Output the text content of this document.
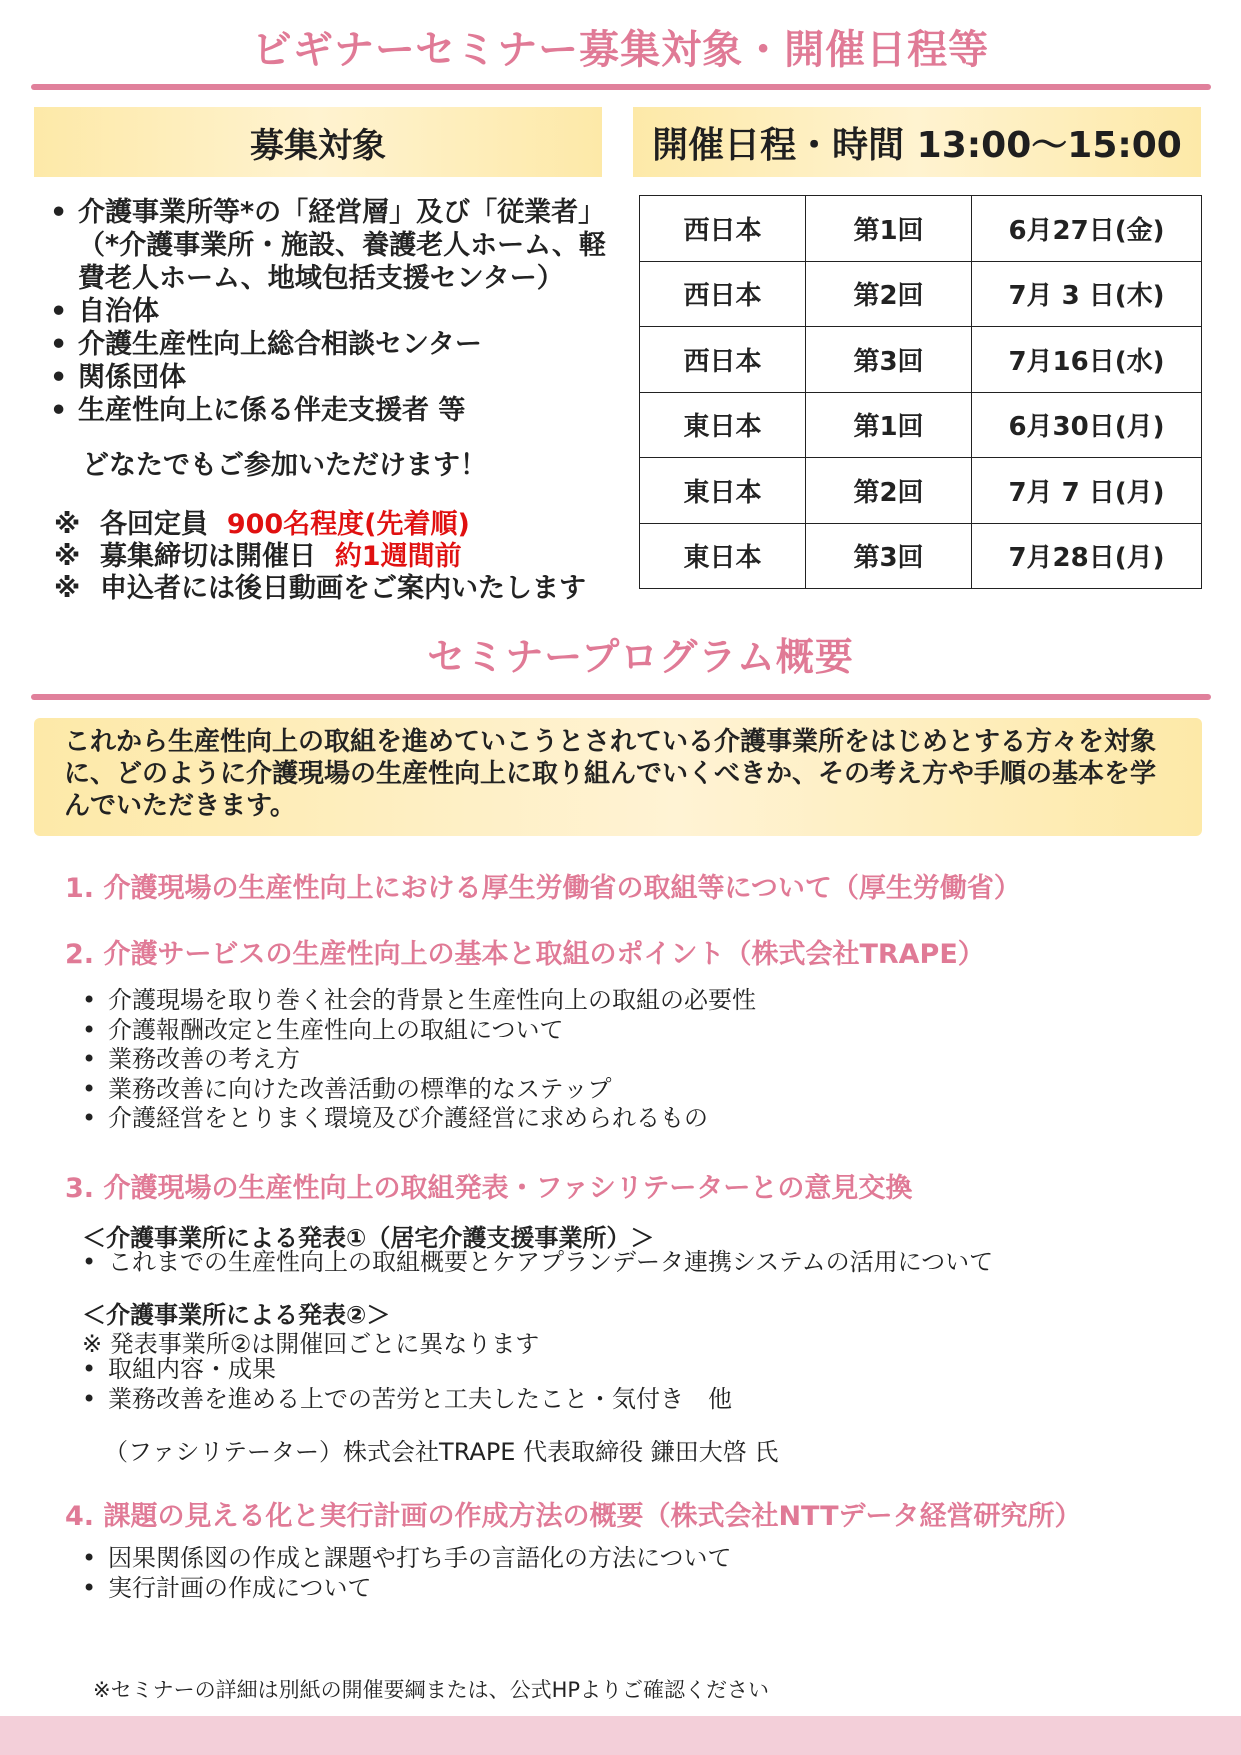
ビギナーセミナー募集対象・開催日程等
募集対象	開催日程・時間 13:00～15:00
• 介護事業所等*の「経営層」及び「従業者」（*介護事業所・施設、養護老人ホーム、軽費老人ホーム、地域包括支援センター）
• 自治体
• 介護生産性向上総合相談センター
• 関係団体
• 生産性向上に係る伴走支援者 等
どなたでもご参加いただけます！
※ 各回定員 900名程度(先着順)
※ 募集締切は開催日 約1週間前
※ 申込者には後日動画をご案内いたします
西日本	第1回	6月27日(金)
西日本	第2回	7月 3 日(木)
西日本	第3回	7月16日(水)
東日本	第1回	6月30日(月)
東日本	第2回	7月 7 日(月)
東日本	第3回	7月28日(月)
セミナープログラム概要
これから生産性向上の取組を進めていこうとされている介護事業所をはじめとする方々を対象に、どのように介護現場の生産性向上に取り組んでいくべきか、その考え方や手順の基本を学んでいただきます。
1. 介護現場の生産性向上における厚生労働省の取組等について（厚生労働省）
2. 介護サービスの生産性向上の基本と取組のポイント（株式会社TRAPE）
• 介護現場を取り巻く社会的背景と生産性向上の取組の必要性
• 介護報酬改定と生産性向上の取組について
• 業務改善の考え方
• 業務改善に向けた改善活動の標準的なステップ
• 介護経営をとりまく環境及び介護経営に求められるもの
3. 介護現場の生産性向上の取組発表・ファシリテーターとの意見交換
＜介護事業所による発表①（居宅介護支援事業所）＞
• これまでの生産性向上の取組概要とケアプランデータ連携システムの活用について
＜介護事業所による発表②＞
※ 発表事業所②は開催回ごとに異なります
• 取組内容・成果
• 業務改善を進める上での苦労と工夫したこと・気付き　他
（ファシリテーター）株式会社TRAPE 代表取締役 鎌田大啓 氏
4. 課題の見える化と実行計画の作成方法の概要（株式会社NTTデータ経営研究所）
• 因果関係図の作成と課題や打ち手の言語化の方法について
• 実行計画の作成について
※セミナーの詳細は別紙の開催要綱または、公式HPよりご確認ください
